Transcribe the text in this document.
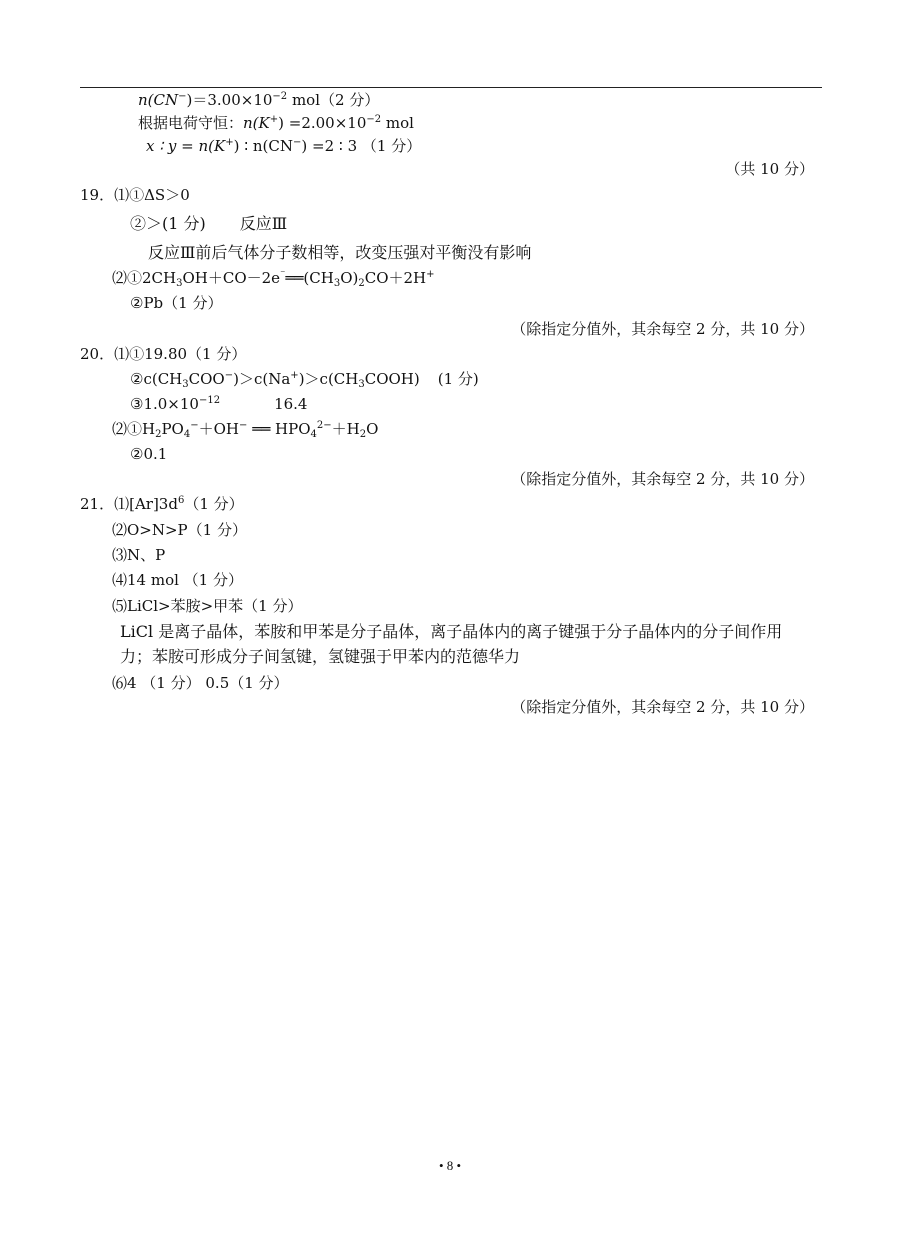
$n(CN^-)=3.00\times 10^{-2}$ mol（2 分）
根据电荷守恒：$n(K^+) =2.00\times 10^{-2}$ mol
x ∶ y = n(K+) ∶ n(CN−) =2 ∶ 3 （1 分）
（共 10 分）
19．⑴①ΔS＞0
②＞(1 分) 反应Ⅲ
反应Ⅲ前后气体分子数相等，改变压强对平衡没有影响
$⑵①2CH_3OH+CO-2e^{^-}══(CH_3O)_2CO+2H^+$
②Pb（1 分）
（除指定分值外，其余每空 2 分，共 10 分）
20．⑴①19.80（1 分）
$②c(CH_3COO^-)>c(Na^+)>c(CH_3COOH)$ (1 分)
$③1.0\times 10^{-12}$	16.4
$⑵①H_2PO_4^-+OH^-$ ══ $HPO_4^{2-}+H_2O$
②0.1
（除指定分值外，其余每空 2 分，共 10 分）
21．$⑴[Ar]3d^6(1$ 分）
⑵O>N>P（1 分）
⑶N、P
⑷14 mol （1 分）
⑸LiCl>苯胺>甲苯（1 分）
LiCl 是离子晶体，苯胺和甲苯是分子晶体，离子晶体内的离子键强于分子晶体内的分子间作用
力；苯胺可形成分子间氢键，氢键强于甲苯内的范德华力
⑹4 （1 分） 0.5（1 分）
（除指定分值外，其余每空 2 分，共 10 分）
• 8 •
